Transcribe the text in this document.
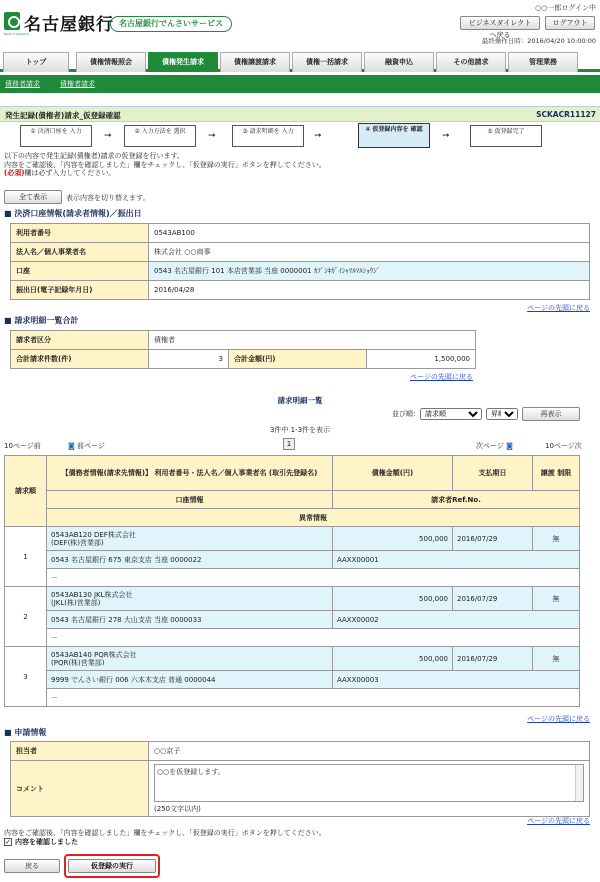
名古屋銀行
Bank of NAGOYA
名古屋銀行でんさいサービス
○○一郎ログイン中
ビジネスダイレクトへ戻る
ログアウト
最終操作日時：2016/04/20 10:00:00
トップ	債権情報照会	債権発生請求	債権譲渡請求	債権一括請求	融資申込	その他請求	管理業務
債務者請求	債権者請求
発生記録(債権者)請求_仮登録確認	SCKACR11127
① 決済口座を 入力	➞	② 入力方法を 選択	➞	③ 請求明細を 入力	➞
④ 仮登録内容を 確認
➞	⑤ 仮登録完了
以下の内容で発生記録(債権者)請求の仮登録を行います。
内容をご確認後、「内容を確認しました」欄をチェックし、「仮登録の実行」ボタンを押してください。
(必須)欄は必ず入力してください。
全て表示	表示内容を切り替えます。
■ 決済口座情報(請求者情報)／振出日
利用者番号	0543AB100
法人名／個人事業者名	株式会社 ○○商事
口座	0543 名古屋銀行 101 本店営業部 当座 0000001 ｶﾌﾞｼｷｶﾞｲｼｬﾏﾙﾏﾙｼｮｳｼﾞ
振出日(電子記録年月日)	2016/04/28
ページの先頭に戻る
■ 請求明細一覧合計
請求者区分	債権者		
合計請求件数(件)	3	合計金額(円)	1,500,000
ページの先頭に戻る
請求明細一覧
並び順：
請求順
昇順	再表示
3件中 1-3件を表示
10ページ前	◙ 前ページ	1	次ページ ◙	10ページ次
請求順	【債務者情報(請求先情報)】 利用者番号・法人名／個人事業者名 (取引先登録名)	債権金額(円)	支払期日	譲渡 制限
	口座情報	請求者Ref.No.		
	異常情報			
1	0543AB120 DEF株式会社
(DEF(株)営業部)	500,000	2016/07/29	無
	0543 名古屋銀行 675 東京支店 当座 0000022	AAXX00001		
	－			
2	0543AB130 JKL株式会社
(JKL(株)営業部)	500,000	2016/07/29	無
	0543 名古屋銀行 278 大山支店 当座 0000033	AAXX00002		
	－			
3	0543AB140 PQR株式会社
(PQR(株)営業部)	500,000	2016/07/29	無
	9999 でんさい銀行 006 六本木支店 普通 0000044	AAXX00003		
	－			
ページの先頭に戻る
■ 申請情報
担当者	○○京子
コメント	○○を仮登録します。
(250文字以内)
ページの先頭に戻る
内容をご確認後、「内容を確認しました」欄をチェックし、「仮登録の実行」ボタンを押してください。
✓ 内容を確認しました
戻る	仮登録の実行
